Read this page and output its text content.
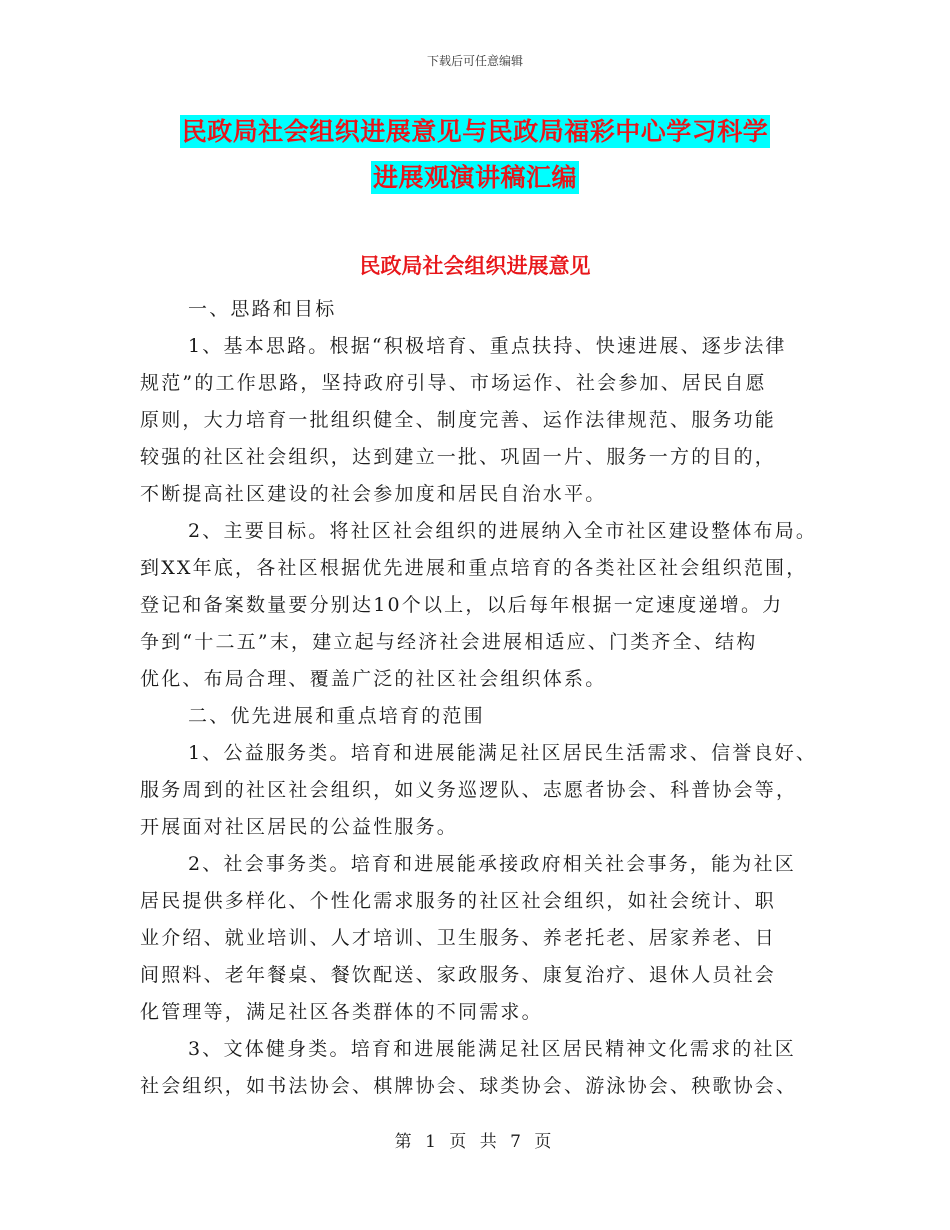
下载后可任意编辑
民政局社会组织进展意见与民政局福彩中心学习科学
进展观演讲稿汇编
民政局社会组织进展意见
一、思路和目标
1、基本思路。根据“积极培育、重点扶持、快速进展、逐步法律
规范”的工作思路，坚持政府引导、市场运作、社会参加、居民自愿
原则，大力培育一批组织健全、制度完善、运作法律规范、服务功能
较强的社区社会组织，达到建立一批、巩固一片、服务一方的目的，
不断提高社区建设的社会参加度和居民自治水平。
2、主要目标。将社区社会组织的进展纳入全市社区建设整体布局。
到XX年底，各社区根据优先进展和重点培育的各类社区社会组织范围，
登记和备案数量要分别达10个以上，以后每年根据一定速度递增。力
争到“十二五”末，建立起与经济社会进展相适应、门类齐全、结构
优化、布局合理、覆盖广泛的社区社会组织体系。
二、优先进展和重点培育的范围
1、公益服务类。培育和进展能满足社区居民生活需求、信誉良好、
服务周到的社区社会组织，如义务巡逻队、志愿者协会、科普协会等，
开展面对社区居民的公益性服务。
2、社会事务类。培育和进展能承接政府相关社会事务，能为社区
居民提供多样化、个性化需求服务的社区社会组织，如社会统计、职
业介绍、就业培训、人才培训、卫生服务、养老托老、居家养老、日
间照料、老年餐桌、餐饮配送、家政服务、康复治疗、退休人员社会
化管理等，满足社区各类群体的不同需求。
3、文体健身类。培育和进展能满足社区居民精神文化需求的社区
社会组织，如书法协会、棋牌协会、球类协会、游泳协会、秧歌协会、
第 1 页 共 7 页
